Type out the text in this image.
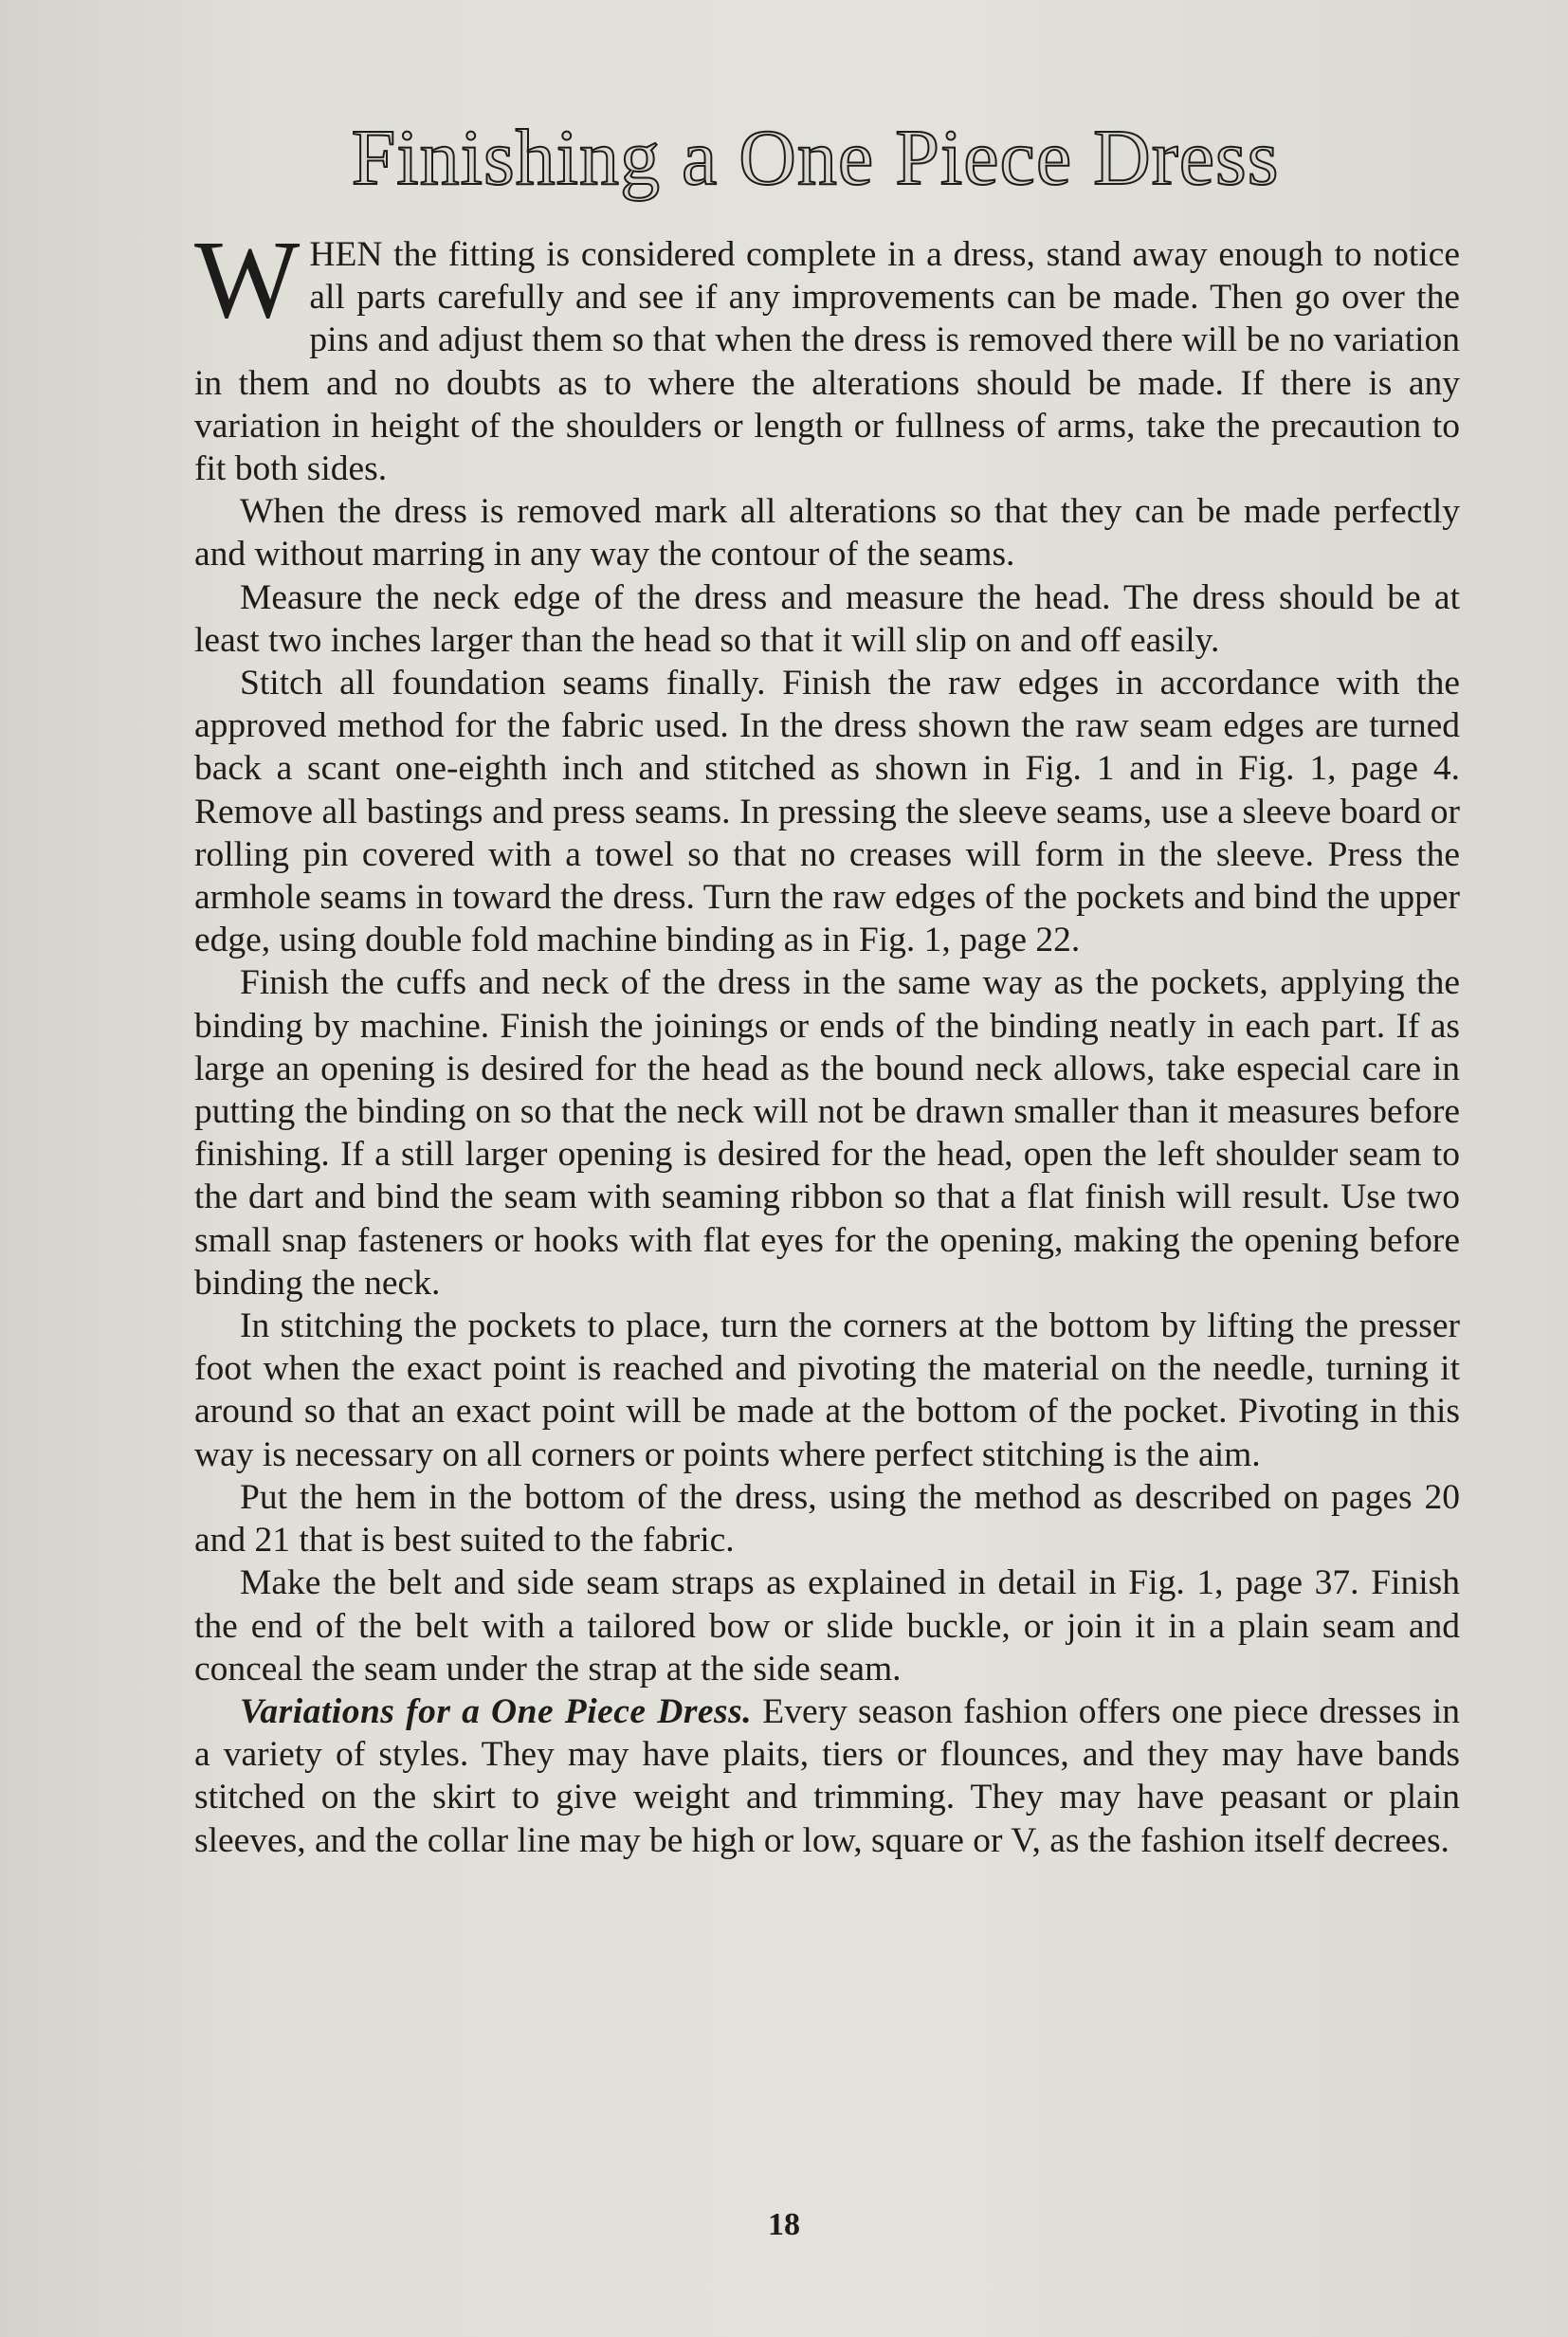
Finishing a One Piece Dress

WHEN the fitting is considered complete in a dress, stand away enough to notice all parts carefully and see if any improvements can be made. Then go over the pins and adjust them so that when the dress is removed there will be no variation in them and no doubts as to where the alterations should be made. If there is any variation in height of the shoulders or length or fullness of arms, take the precaution to fit both sides.

When the dress is removed mark all alterations so that they can be made perfectly and without marring in any way the contour of the seams.

Measure the neck edge of the dress and measure the head. The dress should be at least two inches larger than the head so that it will slip on and off easily.

Stitch all foundation seams finally. Finish the raw edges in accordance with the approved method for the fabric used. In the dress shown the raw seam edges are turned back a scant one-eighth inch and stitched as shown in Fig. 1 and in Fig. 1, page 4. Remove all bastings and press seams. In pressing the sleeve seams, use a sleeve board or rolling pin covered with a towel so that no creases will form in the sleeve. Press the armhole seams in toward the dress. Turn the raw edges of the pockets and bind the upper edge, using double fold machine binding as in Fig. 1, page 22.

Finish the cuffs and neck of the dress in the same way as the pockets, applying the binding by machine. Finish the joinings or ends of the binding neatly in each part. If as large an opening is desired for the head as the bound neck allows, take especial care in putting the binding on so that the neck will not be drawn smaller than it measures before finishing. If a still larger opening is desired for the head, open the left shoulder seam to the dart and bind the seam with seaming ribbon so that a flat finish will result. Use two small snap fasteners or hooks with flat eyes for the opening, making the opening before binding the neck.

In stitching the pockets to place, turn the corners at the bottom by lifting the presser foot when the exact point is reached and pivoting the material on the needle, turning it around so that an exact point will be made at the bottom of the pocket. Pivoting in this way is necessary on all corners or points where perfect stitching is the aim.

Put the hem in the bottom of the dress, using the method as described on pages 20 and 21 that is best suited to the fabric.

Make the belt and side seam straps as explained in detail in Fig. 1, page 37. Finish the end of the belt with a tailored bow or slide buckle, or join it in a plain seam and conceal the seam under the strap at the side seam.

Variations for a One Piece Dress. Every season fashion offers one piece dresses in a variety of styles. They may have plaits, tiers or flounces, and they may have bands stitched on the skirt to give weight and trimming. They may have peasant or plain sleeves, and the collar line may be high or low, square or V, as the fashion itself decrees.

18
